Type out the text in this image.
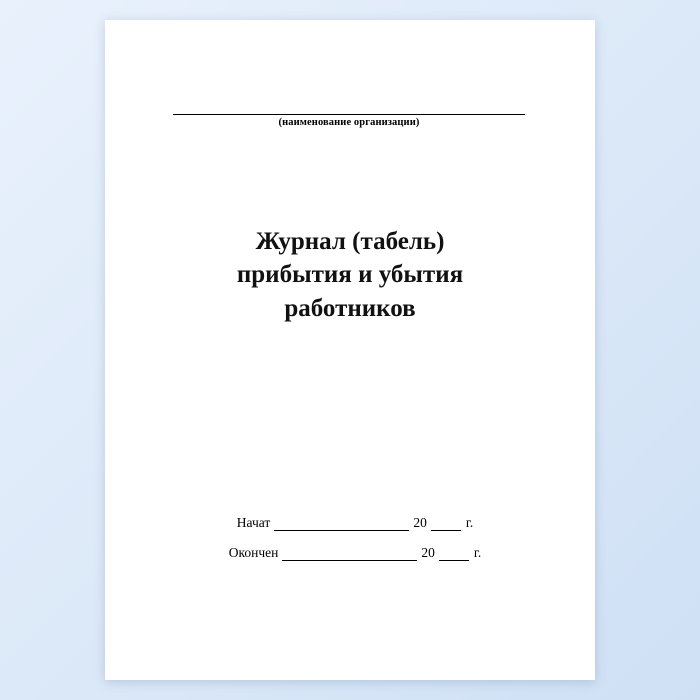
(наименование организации)
Журнал (табель)
прибытия и убытия
работников
Начат	20	г.
Окончен	20	г.
